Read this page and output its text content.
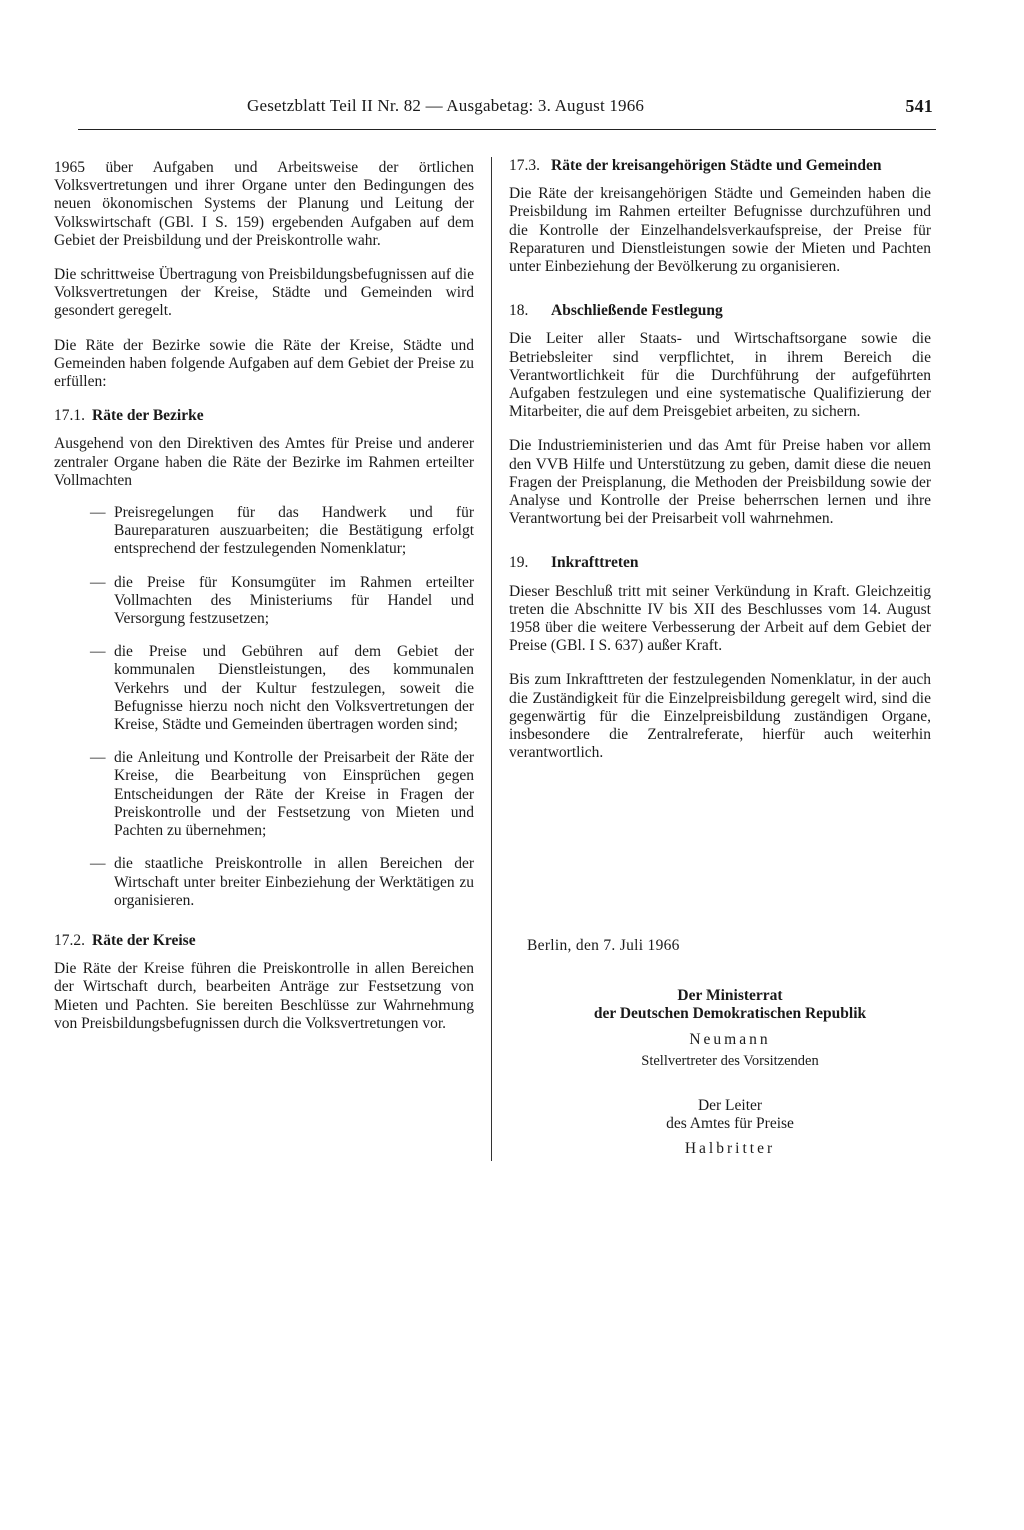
Gesetzblatt Teil II Nr. 82 — Ausgabetag: 3. August 1966	541

1965 über Aufgaben und Arbeitsweise der örtlichen Volksvertretungen und ihrer Organe unter den Bedingungen des neuen ökonomischen Systems der Planung und Leitung der Volkswirtschaft (GBl. I S. 159) ergebenden Aufgaben auf dem Gebiet der Preisbildung und der Preiskontrolle wahr.

Die schrittweise Übertragung von Preisbildungsbefugnissen auf die Volksvertretungen der Kreise, Städte und Gemeinden wird gesondert geregelt.

Die Räte der Bezirke sowie die Räte der Kreise, Städte und Gemeinden haben folgende Aufgaben auf dem Gebiet der Preise zu erfüllen:

17.1. Räte der Bezirke

Ausgehend von den Direktiven des Amtes für Preise und anderer zentraler Organe haben die Räte der Bezirke im Rahmen erteilter Vollmachten

— Preisregelungen für das Handwerk und für Baureparaturen auszuarbeiten; die Bestätigung erfolgt entsprechend der festzulegenden Nomenklatur;
— die Preise für Konsumgüter im Rahmen erteilter Vollmachten des Ministeriums für Handel und Versorgung festzusetzen;
— die Preise und Gebühren auf dem Gebiet der kommunalen Dienstleistungen, des kommunalen Verkehrs und der Kultur festzulegen, soweit die Befugnisse hierzu noch nicht den Volksvertretungen der Kreise, Städte und Gemeinden übertragen worden sind;
— die Anleitung und Kontrolle der Preisarbeit der Räte der Kreise, die Bearbeitung von Einsprüchen gegen Entscheidungen der Räte der Kreise in Fragen der Preiskontrolle und der Festsetzung von Mieten und Pachten zu übernehmen;
— die staatliche Preiskontrolle in allen Bereichen der Wirtschaft unter breiter Einbeziehung der Werktätigen zu organisieren.
17.2. Räte der Kreise

Die Räte der Kreise führen die Preiskontrolle in allen Bereichen der Wirtschaft durch, bearbeiten Anträge zur Festsetzung von Mieten und Pachten. Sie bereiten Beschlüsse zur Wahrnehmung von Preisbildungsbefugnissen durch die Volksvertretungen vor.

17.3. Räte der kreisangehörigen Städte und Gemeinden

Die Räte der kreisangehörigen Städte und Gemeinden haben die Preisbildung im Rahmen erteilter Befugnisse durchzuführen und die Kontrolle der Einzelhandelsverkaufspreise, der Preise für Reparaturen und Dienstleistungen sowie der Mieten und Pachten unter Einbeziehung der Bevölkerung zu organisieren.

18.	Abschließende Festlegung

Die Leiter aller Staats- und Wirtschaftsorgane sowie die Betriebsleiter sind verpflichtet, in ihrem Bereich die Verantwortlichkeit für die Durchführung der aufgeführten Aufgaben festzulegen und eine systematische Qualifizierung der Mitarbeiter, die auf dem Preisgebiet arbeiten, zu sichern.

Die Industrieministerien und das Amt für Preise haben vor allem den VVB Hilfe und Unterstützung zu geben, damit diese die neuen Fragen der Preisplanung, die Methoden der Preisbildung sowie der Analyse und Kontrolle der Preise beherrschen lernen und ihre Verantwortung bei der Preisarbeit voll wahrnehmen.

19.	Inkrafttreten

Dieser Beschluß tritt mit seiner Verkündung in Kraft. Gleichzeitig treten die Abschnitte IV bis XII des Beschlusses vom 14. August 1958 über die weitere Verbesserung der Arbeit auf dem Gebiet der Preise (GBl. I S. 637) außer Kraft.

Bis zum Inkrafttreten der festzulegenden Nomenklatur, in der auch die Zuständigkeit für die Einzelpreisbildung geregelt wird, sind die gegenwärtig für die Einzelpreisbildung zuständigen Organe, insbesondere die Zentralreferate, hierfür auch weiterhin verantwortlich.

Berlin, den 7. Juli 1966
Der Ministerrat
der Deutschen Demokratischen Republik
Neumann
Stellvertreter des Vorsitzenden
Der Leiter
des Amtes für Preise
Halbritter
